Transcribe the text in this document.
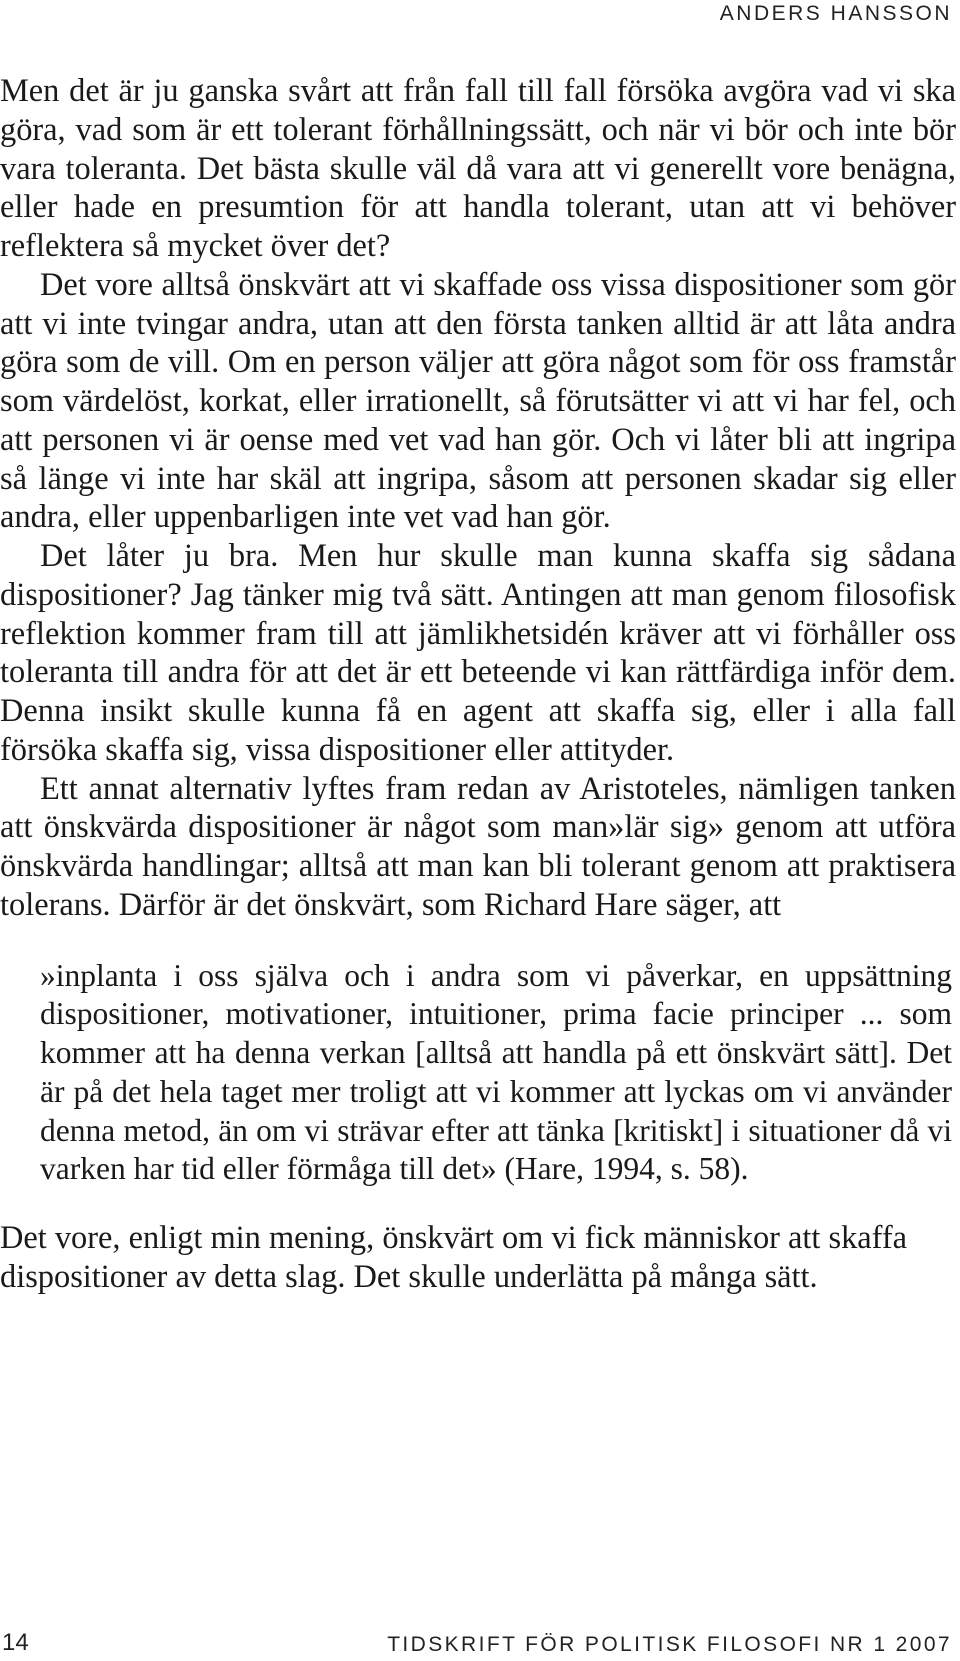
ANDERS HANSSON

Men det är ju ganska svårt att från fall till fall försöka avgöra vad vi ska göra, vad som är ett tolerant förhållningssätt, och när vi bör och inte bör vara toleranta. Det bästa skulle väl då vara att vi generellt vore benägna, eller hade en presumtion för att handla tolerant, utan att vi behöver reflektera så mycket över det?

Det vore alltså önskvärt att vi skaffade oss vissa dispositioner som gör att vi inte tvingar andra, utan att den första tanken alltid är att låta andra göra som de vill. Om en person väljer att göra något som för oss framstår som värdelöst, korkat, eller irrationellt, så förutsätter vi att vi har fel, och att personen vi är oense med vet vad han gör. Och vi låter bli att ingripa så länge vi inte har skäl att ingripa, såsom att personen skadar sig eller andra, eller uppenbarligen inte vet vad han gör.

Det låter ju bra. Men hur skulle man kunna skaffa sig sådana dispositioner? Jag tänker mig två sätt. Antingen att man genom filosofisk reflektion kommer fram till att jämlikhetsidén kräver att vi förhåller oss toleranta till andra för att det är ett beteende vi kan rättfärdiga inför dem. Denna insikt skulle kunna få en agent att skaffa sig, eller i alla fall försöka skaffa sig, vissa dispositioner eller attityder.

Ett annat alternativ lyftes fram redan av Aristoteles, nämligen tanken att önskvärda dispositioner är något som man»lär sig» genom att utföra önskvärda handlingar; alltså att man kan bli tolerant genom att praktisera tolerans. Därför är det önskvärt, som Richard Hare säger, att

»inplanta i oss själva och i andra som vi påverkar, en uppsättning dispositioner, motivationer, intuitioner, prima facie principer ... som kommer att ha denna verkan [alltså att handla på ett önskvärt sätt]. Det är på det hela taget mer troligt att vi kommer att lyckas om vi använder denna metod, än om vi strävar efter att tänka [kritiskt] i situationer då vi varken har tid eller förmåga till det» (Hare, 1994, s. 58).

Det vore, enligt min mening, önskvärt om vi fick människor att skaffa dispositioner av detta slag. Det skulle underlätta på många sätt.

14	TIDSKRIFT FÖR POLITISK FILOSOFI NR 1 2007
